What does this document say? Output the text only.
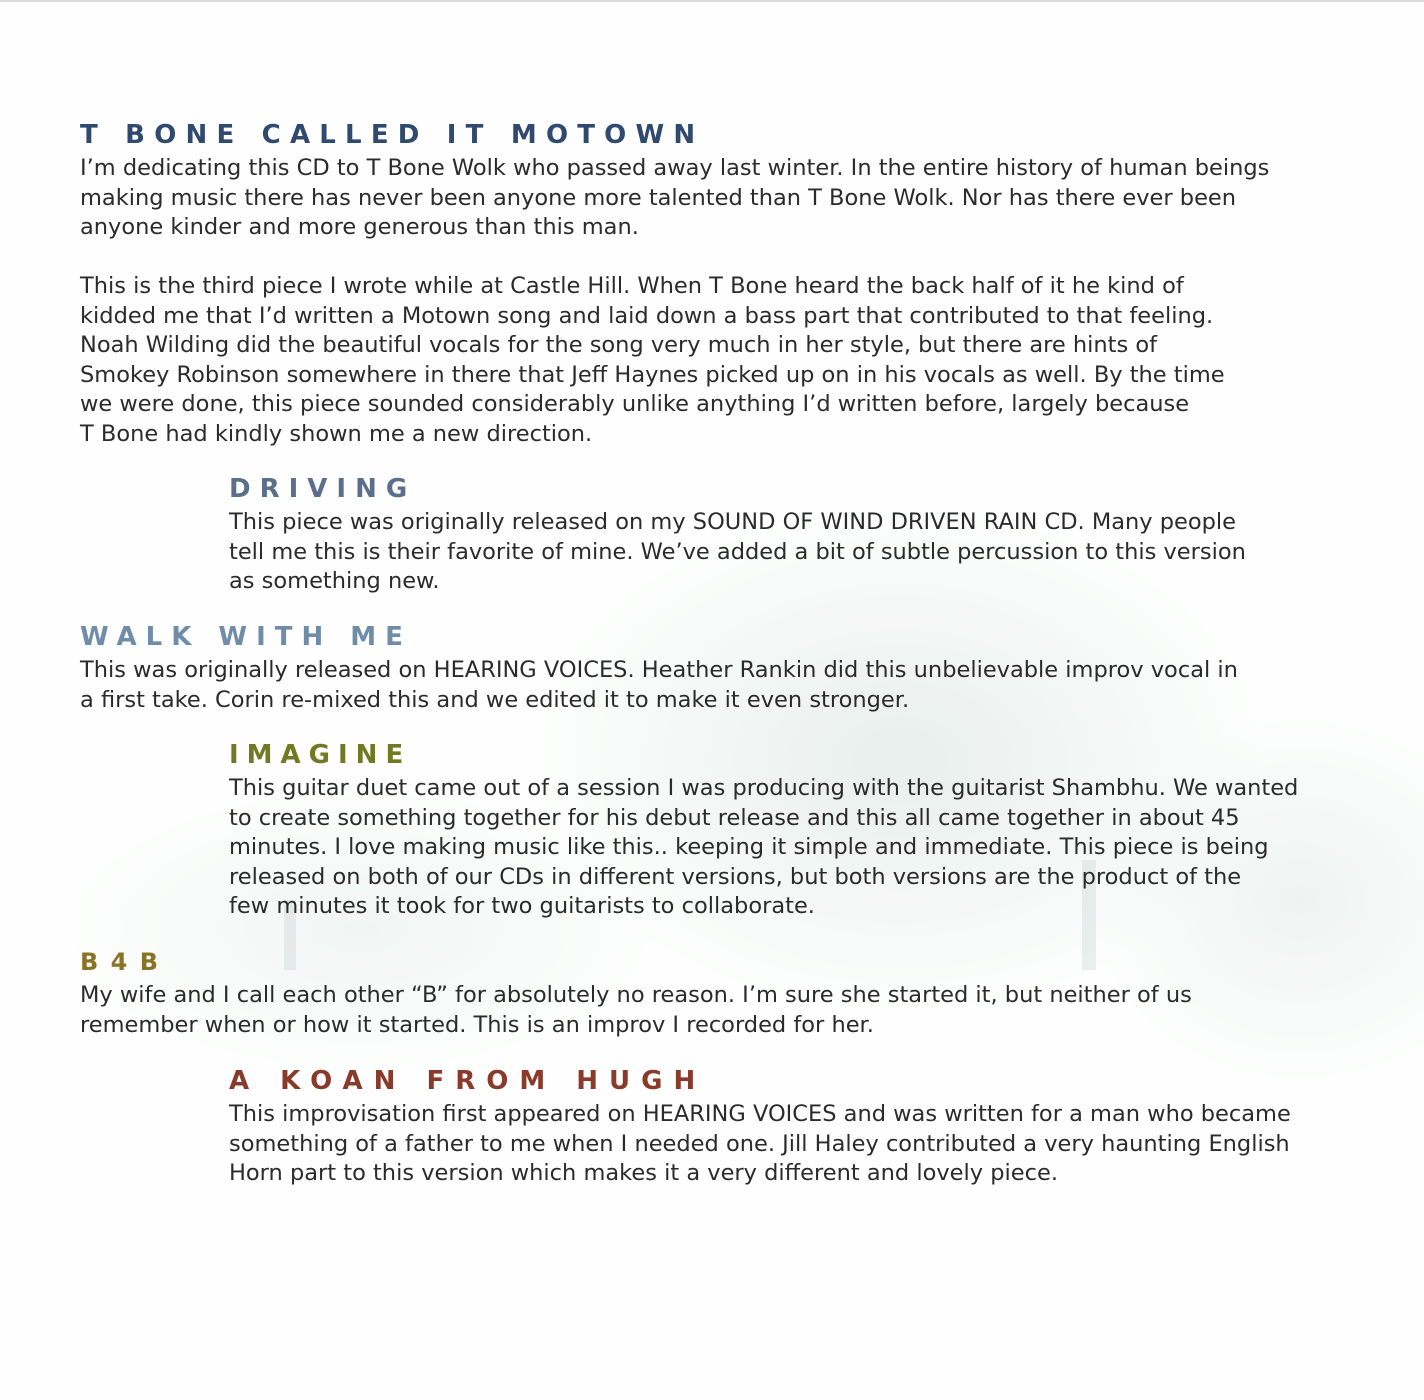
T BONE CALLED IT MOTOWN
I’m dedicating this CD to T Bone Wolk who passed away last winter. In the entire history of human beings
making music there has never been anyone more talented than T Bone Wolk. Nor has there ever been
anyone kinder and more generous than this man.
This is the third piece I wrote while at Castle Hill. When T Bone heard the back half of it he kind of
kidded me that I’d written a Motown song and laid down a bass part that contributed to that feeling.
Noah Wilding did the beautiful vocals for the song very much in her style, but there are hints of
Smokey Robinson somewhere in there that Jeff Haynes picked up on in his vocals as well. By the time
we were done, this piece sounded considerably unlike anything I’d written before, largely because
T Bone had kindly shown me a new direction.
DRIVING
This piece was originally released on my SOUND OF WIND DRIVEN RAIN CD. Many people
tell me this is their favorite of mine. We’ve added a bit of subtle percussion to this version
as something new.
WALK WITH ME
This was originally released on HEARING VOICES. Heather Rankin did this unbelievable improv vocal in
a first take. Corin re-mixed this and we edited it to make it even stronger.
IMAGINE
This guitar duet came out of a session I was producing with the guitarist Shambhu. We wanted
to create something together for his debut release and this all came together in about 45
minutes. I love making music like this.. keeping it simple and immediate. This piece is being
released on both of our CDs in different versions, but both versions are the product of the
few minutes it took for two guitarists to collaborate.
B 4 B
My wife and I call each other “B” for absolutely no reason. I’m sure she started it, but neither of us
remember when or how it started. This is an improv I recorded for her.
A KOAN FROM HUGH
This improvisation first appeared on HEARING VOICES and was written for a man who became
something of a father to me when I needed one. Jill Haley contributed a very haunting English
Horn part to this version which makes it a very different and lovely piece.
